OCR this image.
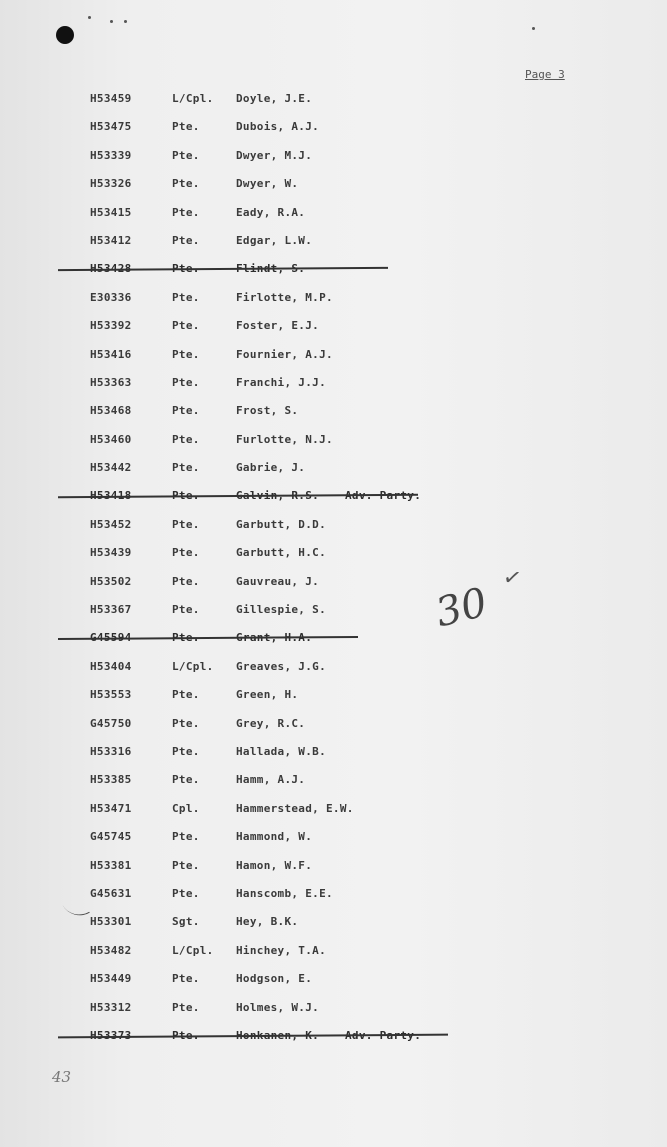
Page 3
H53459	L/Cpl. Doyle, J.E.
H53475	Pte.	Dubois, A.J.
H53339	Pte.	Dwyer, M.J.
H53326	Pte.	Dwyer, W.
H53415	Pte.	Eady, R.A.
H53412	Pte.	Edgar, L.W.
H53428	Pte.	Flindt, S.
E30336	Pte.	Firlotte, M.P.
H53392	Pte.	Foster, E.J.
H53416	Pte.	Fournier, A.J.
H53363	Pte.	Franchi, J.J.
H53468	Pte.	Frost, S.
H53460	Pte.	Furlotte, N.J.
H53442	Pte.	Gabrie, J.
H53418	Pte.	Galvin, R.S. Adv. Party.
H53452	Pte.	Garbutt, D.D.
H53439	Pte.	Garbutt, H.C.
H53502	Pte.	Gauvreau, J.
H53367	Pte.	Gillespie, S.
G45594	Pte.	Grant, H.A.
H53404	L/Cpl. Greaves, J.G.
H53553	Pte.	Green, H.
G45750	Pte.	Grey, R.C.
H53316	Pte.	Hallada, W.B.
H53385	Pte.	Hamm, A.J.
H53471	Cpl.	Hammerstead, E.W.
G45745	Pte.	Hammond, W.
H53381	Pte.	Hamon, W.F.
G45631	Pte.	Hanscomb, E.E.
H53301	Sgt.	Hey, B.K.
H53482	L/Cpl. Hinchey, T.A.
H53449	Pte.	Hodgson, E.
H53312	Pte.	Holmes, W.J.
H53373	Pte.	Honkanen, K. Adv. Party.
✓
30
43
